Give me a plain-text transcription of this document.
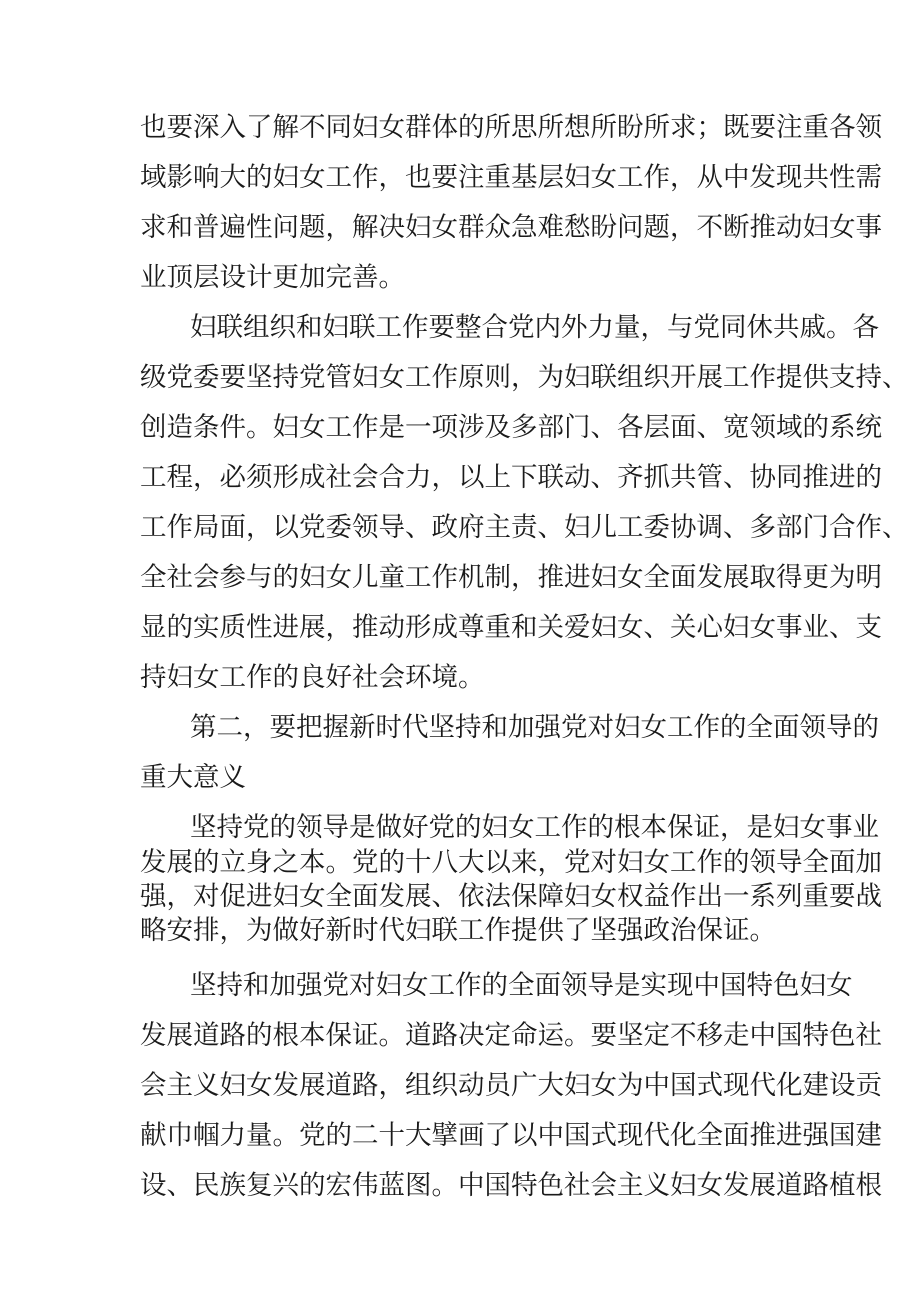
也要深入了解不同妇女群体的所思所想所盼所求；既要注重各领

域影响大的妇女工作，也要注重基层妇女工作，从中发现共性需

求和普遍性问题，解决妇女群众急难愁盼问题，不断推动妇女事

业顶层设计更加完善。

妇联组织和妇联工作要整合党内外力量，与党同休共戚。各

级党委要坚持党管妇女工作原则，为妇联组织开展工作提供支持、

创造条件。妇女工作是一项涉及多部门、各层面、宽领域的系统

工程，必须形成社会合力，以上下联动、齐抓共管、协同推进的

工作局面，以党委领导、政府主责、妇儿工委协调、多部门合作、

全社会参与的妇女儿童工作机制，推进妇女全面发展取得更为明

显的实质性进展，推动形成尊重和关爱妇女、关心妇女事业、支

持妇女工作的良好社会环境。

第二，要把握新时代坚持和加强党对妇女工作的全面领导的

重大意义

坚持党的领导是做好党的妇女工作的根本保证，是妇女事业

发展的立身之本。党的十八大以来，党对妇女工作的领导全面加

强，对促进妇女全面发展、依法保障妇女权益作出一系列重要战

略安排，为做好新时代妇联工作提供了坚强政治保证。

坚持和加强党对妇女工作的全面领导是实现中国特色妇女

发展道路的根本保证。道路决定命运。要坚定不移走中国特色社

会主义妇女发展道路，组织动员广大妇女为中国式现代化建设贡

献巾帼力量。党的二十大擘画了以中国式现代化全面推进强国建

设、民族复兴的宏伟蓝图。中国特色社会主义妇女发展道路植根
